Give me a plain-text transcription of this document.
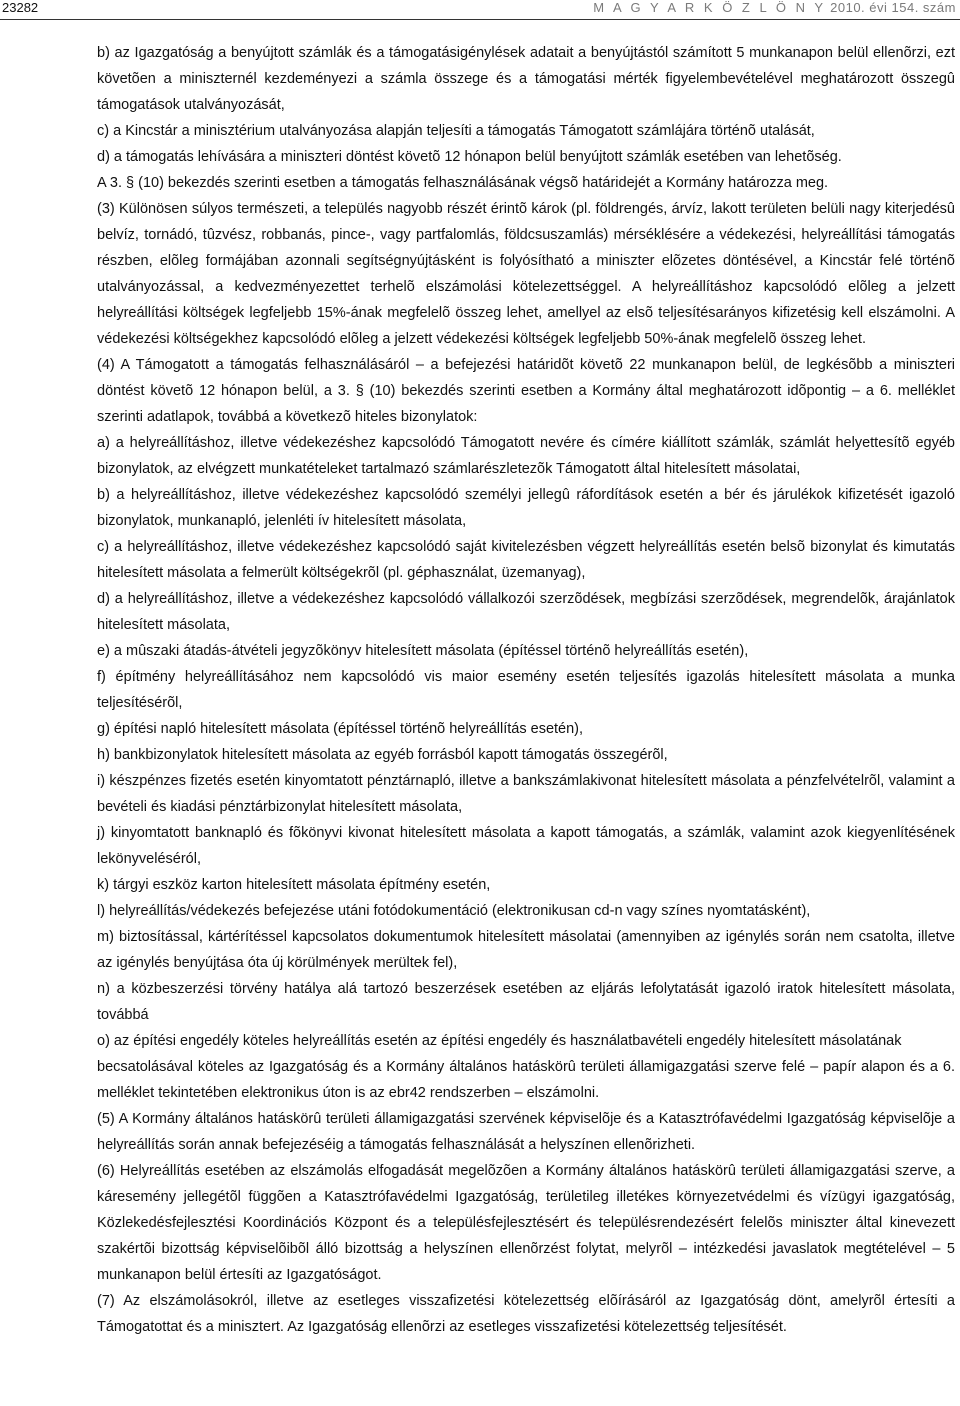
23282	M A G Y A R K Ö Z L Ö N Y 2010. évi 154. szám

b) az Igazgatóság a benyújtott számlák és a támogatásigénylések adatait a benyújtástól számított 5 munkanapon belül ellenõrzi, ezt követõen a miniszternél kezdeményezi a számla összege és a támogatási mérték figyelembevételével meghatározott összegû támogatások utalványozását,

c) a Kincstár a minisztérium utalványozása alapján teljesíti a támogatás Támogatott számlájára történõ utalását,

d) a támogatás lehívására a miniszteri döntést követõ 12 hónapon belül benyújtott számlák esetében van lehetõség.

A 3. § (10) bekezdés szerinti esetben a támogatás felhasználásának végsõ határidejét a Kormány határozza meg.

(3) Különösen súlyos természeti, a település nagyobb részét érintõ károk (pl. földrengés, árvíz, lakott területen belüli nagy kiterjedésû belvíz, tornádó, tûzvész, robbanás, pince-, vagy partfalomlás, földcsuszamlás) mérséklésére a védekezési, helyreállítási támogatás részben, elõleg formájában azonnali segítségnyújtásként is folyósítható a miniszter elõzetes döntésével, a Kincstár felé történõ utalványozással, a kedvezményezettet terhelõ elszámolási kötelezettséggel. A helyreállításhoz kapcsolódó elõleg a jelzett helyreállítási költségek legfeljebb 15%-ának megfelelõ összeg lehet, amellyel az elsõ teljesítésarányos kifizetésig kell elszámolni. A védekezési költségekhez kapcsolódó elõleg a jelzett védekezési költségek legfeljebb 50%-ának megfelelõ összeg lehet.

(4) A Támogatott a támogatás felhasználásáról – a befejezési határidõt követõ 22 munkanapon belül, de legkésõbb a miniszteri döntést követõ 12 hónapon belül, a 3. § (10) bekezdés szerinti esetben a Kormány által meghatározott idõpontig – a 6. melléklet szerinti adatlapok, továbbá a következõ hiteles bizonylatok:

a) a helyreállításhoz, illetve védekezéshez kapcsolódó Támogatott nevére és címére kiállított számlák, számlát helyettesítõ egyéb bizonylatok, az elvégzett munkatételeket tartalmazó számlarészletezõk Támogatott által hitelesített másolatai,

b) a helyreállításhoz, illetve védekezéshez kapcsolódó személyi jellegû ráfordítások esetén a bér és járulékok kifizetését igazoló bizonylatok, munkanapló, jelenléti ív hitelesített másolata,

c) a helyreállításhoz, illetve védekezéshez kapcsolódó saját kivitelezésben végzett helyreállítás esetén belsõ bizonylat és kimutatás hitelesített másolata a felmerült költségekrõl (pl. géphasználat, üzemanyag),

d) a helyreállításhoz, illetve a védekezéshez kapcsolódó vállalkozói szerzõdések, megbízási szerzõdések, megrendelõk, árajánlatok hitelesített másolata,

e) a mûszaki átadás-átvételi jegyzõkönyv hitelesített másolata (építéssel történõ helyreállítás esetén),

f) építmény helyreállításához nem kapcsolódó vis maior esemény esetén teljesítés igazolás hitelesített másolata a munka teljesítésérõl,

g) építési napló hitelesített másolata (építéssel történõ helyreállítás esetén),

h) bankbizonylatok hitelesített másolata az egyéb forrásból kapott támogatás összegérõl,

i) készpénzes fizetés esetén kinyomtatott pénztárnapló, illetve a bankszámlakivonat hitelesített másolata a pénzfelvételrõl, valamint a bevételi és kiadási pénztárbizonylat hitelesített másolata,

j) kinyomtatott banknapló és fõkönyvi kivonat hitelesített másolata a kapott támogatás, a számlák, valamint azok kiegyenlítésének lekönyveléséról,

k) tárgyi eszköz karton hitelesített másolata építmény esetén,

l) helyreállítás/védekezés befejezése utáni fotódokumentáció (elektronikusan cd-n vagy színes nyomtatásként),

m) biztosítással, kártérítéssel kapcsolatos dokumentumok hitelesített másolatai (amennyiben az igénylés során nem csatolta, illetve az igénylés benyújtása óta új körülmények merültek fel),

n) a közbeszerzési törvény hatálya alá tartozó beszerzések esetében az eljárás lefolytatását igazoló iratok hitelesített másolata, továbbá

o) az építési engedély köteles helyreállítás esetén az építési engedély és használatbavételi engedély hitelesített másolatának

becsatolásával köteles az Igazgatóság és a Kormány általános hatáskörû területi államigazgatási szerve felé – papír alapon és a 6. melléklet tekintetében elektronikus úton is az ebr42 rendszerben – elszámolni.

(5) A Kormány általános hatáskörû területi államigazgatási szervének képviselõje és a Katasztrófavédelmi Igazgatóság képviselõje a helyreállítás során annak befejezéséig a támogatás felhasználását a helyszínen ellenõrizheti.

(6) Helyreállítás esetében az elszámolás elfogadását megelõzõen a Kormány általános hatáskörû területi államigazgatási szerve, a káresemény jellegétõl függõen a Katasztrófavédelmi Igazgatóság, területileg illetékes környezetvédelmi és vízügyi igazgatóság, Közlekedésfejlesztési Koordinációs Központ és a településfejlesztésért és településrendezésért felelõs miniszter által kinevezett szakértõi bizottság képviselõibõl álló bizottság a helyszínen ellenõrzést folytat, melyrõl – intézkedési javaslatok megtételével – 5 munkanapon belül értesíti az Igazgatóságot.

(7) Az elszámolásokról, illetve az esetleges visszafizetési kötelezettség elõírásáról az Igazgatóság dönt, amelyrõl értesíti a Támogatottat és a minisztert. Az Igazgatóság ellenõrzi az esetleges visszafizetési kötelezettség teljesítését.
